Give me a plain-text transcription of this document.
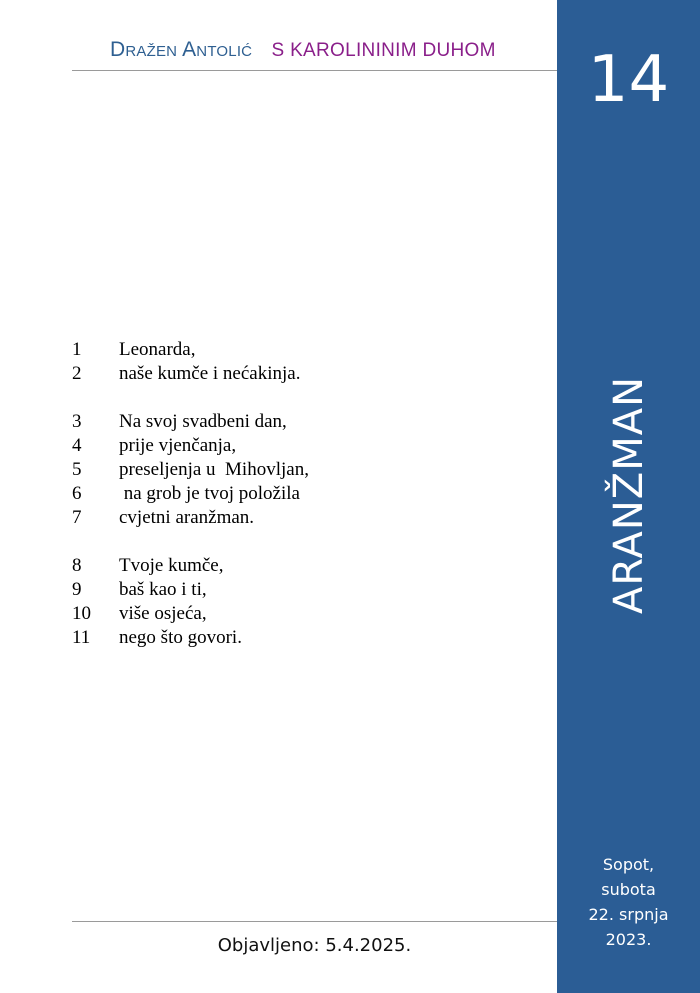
Dražen Antolić S KAROLININIM DUHOM	14
ARANŽMAN
Sopot,
subota
22. srpnja
2023.
1	Leonarda,
2	naše kumče i nećakinja.
3	Na svoj svadbeni dan,
4	prije vjenčanja,
5	preseljenja u  Mihovljan,
6	na grob je tvoj položila
7	cvjetni aranžman.
8	Tvoje kumče,
9	baš kao i ti,
10	više osjeća,
11	nego što govori.
Objavljeno: 5.4.2025.
